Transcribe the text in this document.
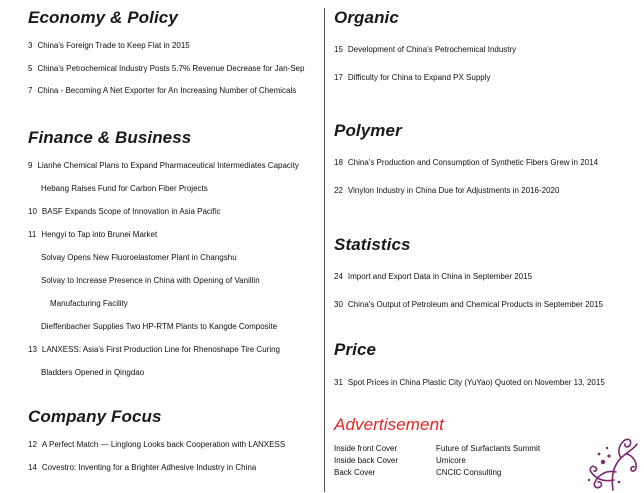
Economy & Policy
3 China's Foreign Trade to Keep Flat in 2015
5 China's Petrochemical Industry Posts 5.7% Revenue Decrease for Jan-Sep
7 China - Becoming A Net Exporter for An Increasing Number of Chemicals
Finance & Business
9 Lianhe Chemical Plans to Expand Pharmaceutical Intermediates Capacity
Hebang Raises Fund for Carbon Fiber Projects
10 BASF Expands Scope of Innovation in Asia Pacific
11 Hengyi to Tap into Brunei Market
Solvay Opens New Fluoroelastomer Plant in Changshu
Solvay to Increase Presence in China with Opening of Vanillin
Manufacturing Facility
Dieffenbacher Supplies Two HP-RTM Plants to Kangde Composite
13 LANXESS: Asia's First Production Line for Rhenoshape Tire Curing
Bladders Opened in Qingdao
Company Focus
12 A Perfect Match — Linglong Looks back Cooperation with LANXESS
14 Covestro: Inventing for a Brighter Adhesive Industry in China
Organic
15 Development of China's Petrochemical Industry
17 Difficulty for China to Expand PX Supply
Polymer
18 China's Production and Consumption of Synthetic Fibers Grew in 2014
22 Vinylon Industry in China Due for Adjustments in 2016-2020
Statistics
24 Import and Export Data in China in September 2015
30 China's Output of Petroleum and Chemical Products in September 2015
Price
31 Spot Prices in China Plastic City (YuYao) Quoted on November 13, 2015
Advertisement
Inside front Cover	Future of Surfactants Summit
Inside back Cover	Umicore
Back Cover	CNCIC Consulting
